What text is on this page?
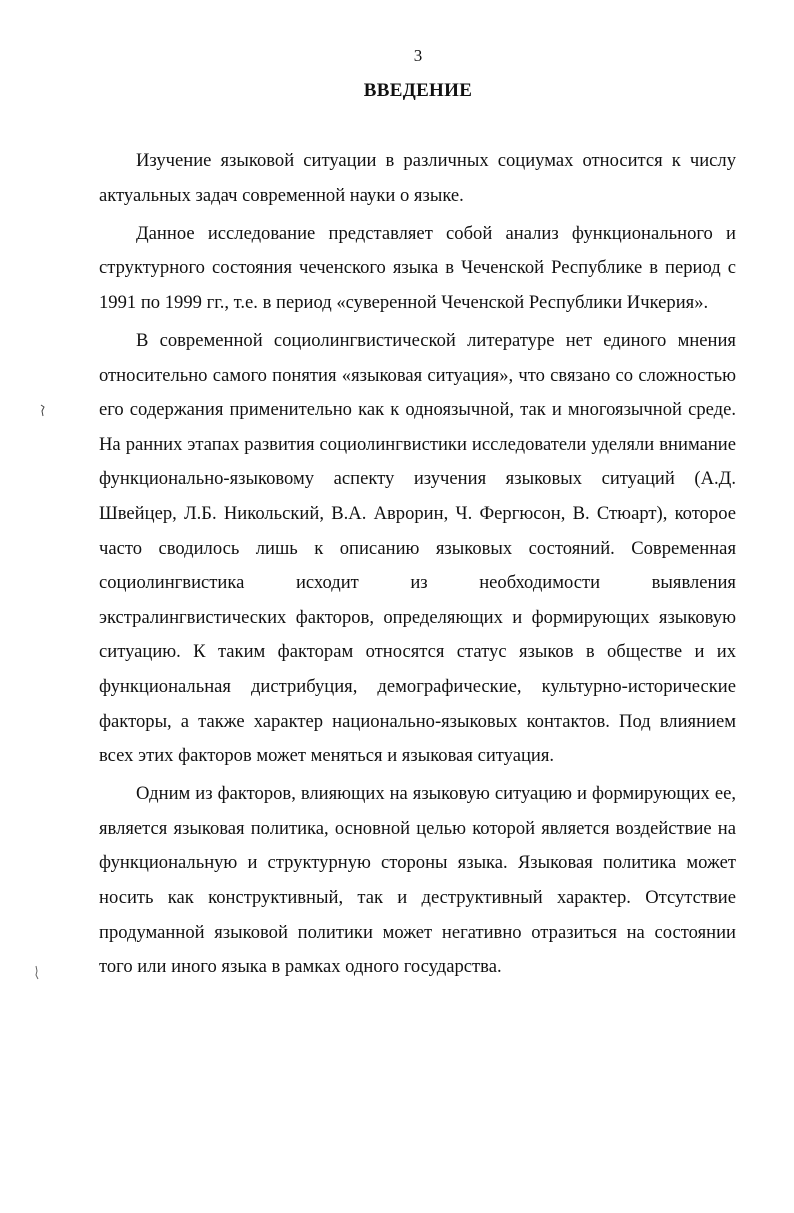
3
ВВЕДЕНИЕ

Изучение языковой ситуации в различных социумах относится к числу актуальных задач современной науки о языке.

Данное исследование представляет собой анализ функционального и структурного состояния чеченского языка в Чеченской Республике в период с 1991 по 1999 гг., т.е. в период «суверенной Чеченской Республики Ичкерия».

В современной социолингвистической литературе нет единого мнения относительно самого понятия «языковая ситуация», что связано со сложностью его содержания применительно как к одноязычной, так и многоязычной среде. На ранних этапах развития социолингвистики исследователи уделяли внимание функционально-языковому аспекту изучения языковых ситуаций (А.Д. Швейцер, Л.Б. Никольский, В.А. Аврорин, Ч. Фергюсон, В. Стюарт), которое часто сводилось лишь к описанию языковых состояний. Современная социолингвистика исходит из необходимости выявления экстралингвистических факторов, определяющих и формирующих языковую ситуацию. К таким факторам относятся статус языков в обществе и их функциональная дистрибуция, демографические, культурно-исторические факторы, а также характер национально-языковых контактов. Под влиянием всех этих факторов может меняться и языковая ситуация.

Одним из факторов, влияющих на языковую ситуацию и формирующих ее, является языковая политика, основной целью которой является воздействие на функциональную и структурную стороны языка. Языковая политика может носить как конструктивный, так и деструктивный характер. Отсутствие продуманной языковой политики может негативно отразиться на состоянии того или иного языка в рамках одного государства.
